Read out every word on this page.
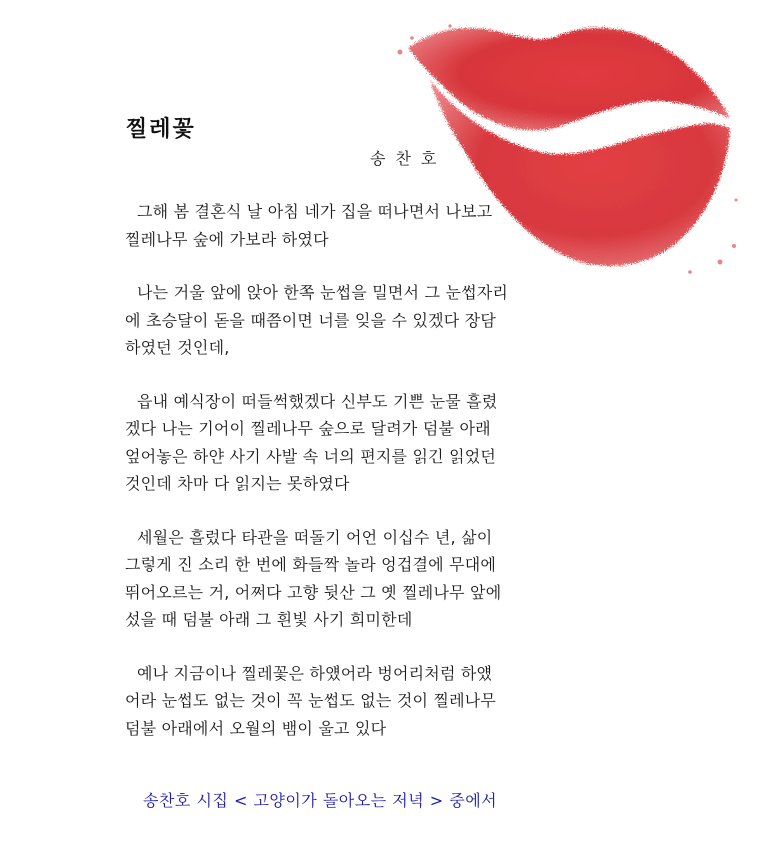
찔레꽃
송찬호
그해 봄 결혼식 날 아침 네가 집을 떠나면서 나보고
찔레나무 숲에 가보라 하였다
나는 거울 앞에 앉아 한쪽 눈썹을 밀면서 그 눈썹자리
에 초승달이 돋을 때쯤이면 너를 잊을 수 있겠다 장담
하였던 것인데,
읍내 예식장이 떠들썩했겠다 신부도 기쁜 눈물 흘렸
겠다 나는 기어이 찔레나무 숲으로 달려가 덤불 아래
엎어놓은 하얀 사기 사발 속 너의 편지를 읽긴 읽었던
것인데 차마 다 읽지는 못하였다
세월은 흘렀다 타관을 떠돌기 어언 이십수 년, 삶이
그렇게 진 소리 한 번에 화들짝 놀라 엉겁결에 무대에
뛰어오르는 거, 어쩌다 고향 뒷산 그 옛 찔레나무 앞에
섰을 때 덤불 아래 그 흰빛 사기 희미한데
예나 지금이나 찔레꽃은 하얬어라 벙어리처럼 하얬
어라 눈썹도 없는 것이 꼭 눈썹도 없는 것이 찔레나무
덤불 아래에서 오월의 뱀이 울고 있다
송찬호 시집 < 고양이가 돌아오는 저녁 > 중에서
